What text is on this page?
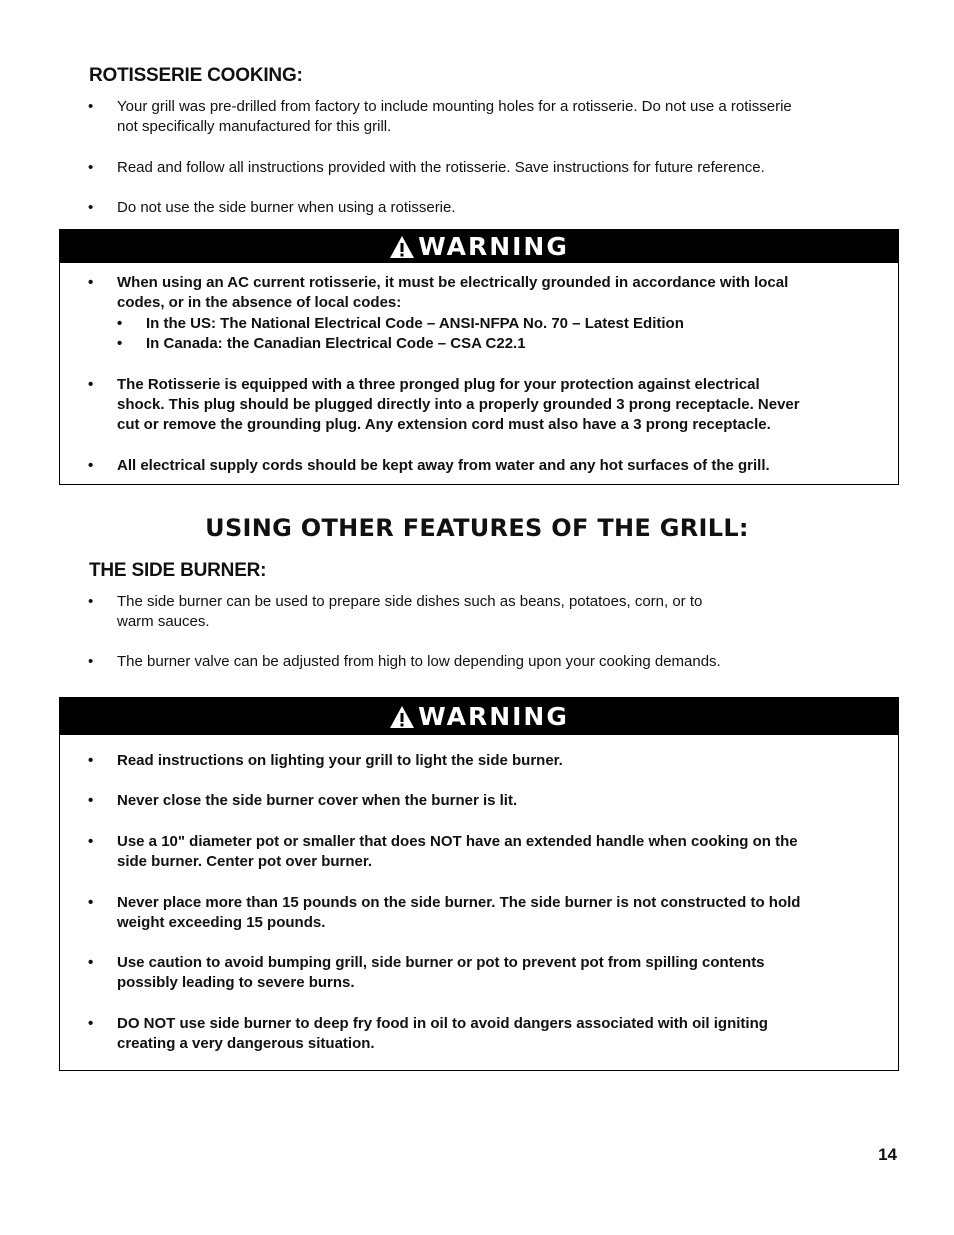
ROTISSERIE COOKING:
• Your grill was pre-drilled from factory to include mounting holes for a rotisserie. Do not use a rotisserie
not specifically manufactured for this grill.
• Read and follow all instructions provided with the rotisserie. Save instructions for future reference.
• Do not use the side burner when using a rotisserie.
WARNING
• When using an AC current rotisserie, it must be electrically grounded in accordance with local
codes, or in the absence of local codes:
• In the US: The National Electrical Code – ANSI-NFPA No. 70 – Latest Edition
• In Canada: the Canadian Electrical Code – CSA C22.1
• The Rotisserie is equipped with a three pronged plug for your protection against electrical
shock. This plug should be plugged directly into a properly grounded 3 prong receptacle. Never
cut or remove the grounding plug. Any extension cord must also have a 3 prong receptacle.
• All electrical supply cords should be kept away from water and any hot surfaces of the grill.
USING OTHER FEATURES OF THE GRILL:
THE SIDE BURNER:
• The side burner can be used to prepare side dishes such as beans, potatoes, corn, or to
warm sauces.
• The burner valve can be adjusted from high to low depending upon your cooking demands.
WARNING
• Read instructions on lighting your grill to light the side burner.
• Never close the side burner cover when the burner is lit.
• Use a 10" diameter pot or smaller that does NOT have an extended handle when cooking on the
side burner. Center pot over burner.
• Never place more than 15 pounds on the side burner. The side burner is not constructed to hold
weight exceeding 15 pounds.
• Use caution to avoid bumping grill, side burner or pot to prevent pot from spilling contents
possibly leading to severe burns.
• DO NOT use side burner to deep fry food in oil to avoid dangers associated with oil igniting
creating a very dangerous situation.
14
